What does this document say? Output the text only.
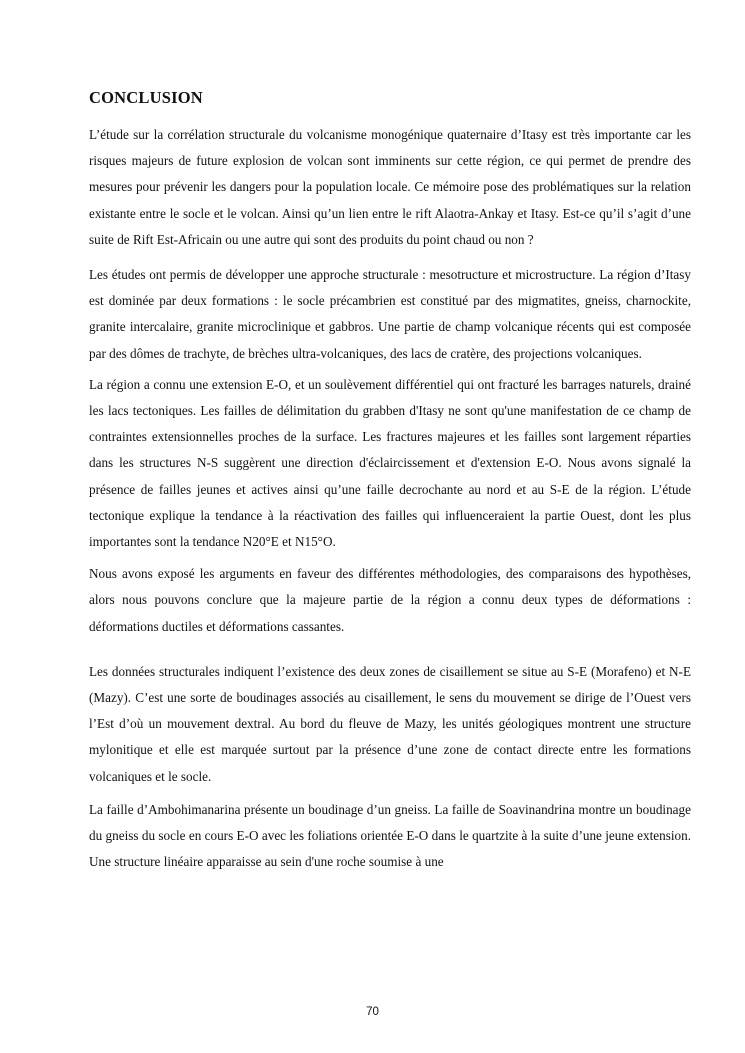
CONCLUSION

L’étude sur la corrélation structurale du volcanisme monogénique quaternaire d’Itasy est très importante car les risques majeurs de future explosion de volcan sont imminents sur cette région, ce qui permet de prendre des mesures pour prévenir les dangers pour la population locale. Ce mémoire pose des problématiques sur la relation existante entre le socle et le volcan. Ainsi qu’un lien entre le rift Alaotra-Ankay et Itasy. Est-ce qu’il s’agit d’une suite de Rift Est-Africain ou une autre qui sont des produits du point chaud ou non ?

Les études ont permis de développer une approche structurale : mesotructure et microstructure. La région d’Itasy est dominée par deux formations : le socle précambrien est constitué par des migmatites, gneiss, charnockite, granite intercalaire, granite microclinique et gabbros. Une partie de champ volcanique récents qui est composée par des dômes de trachyte, de brèches ultra-volcaniques, des lacs de cratère, des projections volcaniques.

La région a connu une extension E-O, et un soulèvement différentiel qui ont fracturé les barrages naturels, drainé les lacs tectoniques. Les failles de délimitation du grabben d'Itasy ne sont qu'une manifestation de ce champ de contraintes extensionnelles proches de la surface. Les fractures majeures et les failles sont largement réparties dans les structures N-S suggèrent une direction d'éclaircissement et d'extension E-O. Nous avons signalé la présence de failles jeunes et actives ainsi qu’une faille decrochante au nord et au S-E de la région. L’étude tectonique explique la tendance à la réactivation des failles qui influenceraient la partie Ouest, dont les plus importantes sont la tendance N20°E et N15°O.

Nous avons exposé les arguments en faveur des différentes méthodologies, des comparaisons des hypothèses, alors nous pouvons conclure que la majeure partie de la région a connu deux types de déformations : déformations ductiles et déformations cassantes.

Les données structurales indiquent l’existence des deux zones de cisaillement se situe au S-E (Morafeno) et N-E (Mazy). C’est une sorte de boudinages associés au cisaillement, le sens du mouvement se dirige de l’Ouest vers l’Est d’où un mouvement dextral. Au bord du fleuve de Mazy, les unités géologiques montrent une structure mylonitique et elle est marquée surtout par la présence d’une zone de contact directe entre les formations volcaniques et le socle.

La faille d’Ambohimanarina présente un boudinage d’un gneiss. La faille de Soavinandrina montre un boudinage du gneiss du socle en cours E-O avec les foliations orientée E-O dans le quartzite à la suite d’une jeune extension. Une structure linéaire apparaisse au sein d'une roche soumise à une

70
